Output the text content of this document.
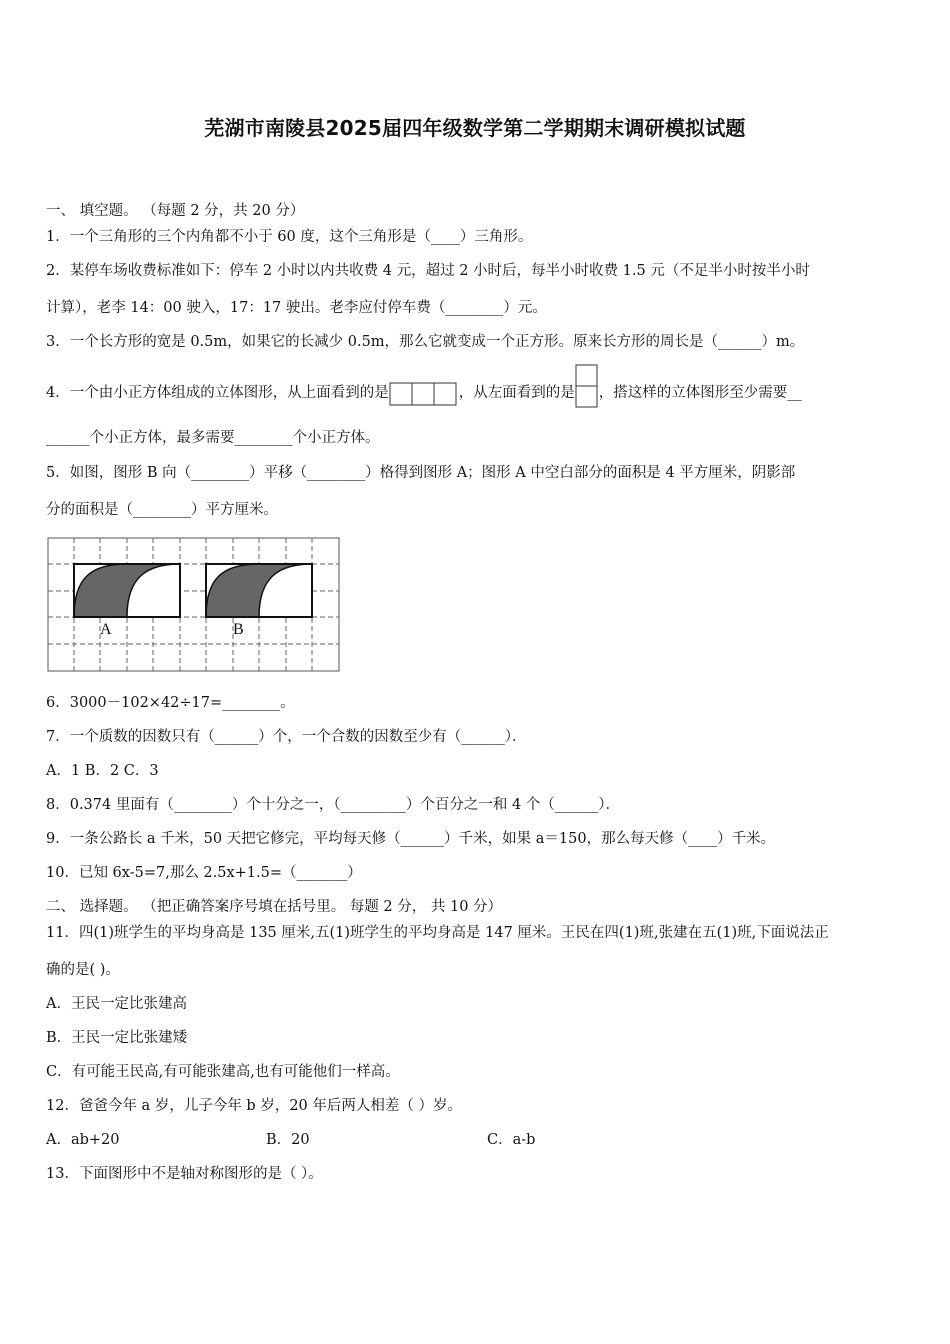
芜湖市南陵县2025届四年级数学第二学期期末调研模拟试题
一、 填空题。 （每题 2 分，共 20 分）
1．一个三角形的三个内角都不小于 60 度，这个三角形是（____）三角形。
2．某停车场收费标准如下：停车 2 小时以内共收费 4 元，超过 2 小时后，每半小时收费 1.5 元（不足半小时按半小时
计算），老李 14：00 驶入，17：17 驶出。老李应付停车费（________）元。
3．一个长方形的宽是 0.5m，如果它的长减少 0.5m，那么它就变成一个正方形。原来长方形的周长是（______）m。
4．一个由小正方体组成的立体图形，从上面看到的是	，从左面看到的是 ，搭这样的立体图形至少需要__
______个小正方体，最多需要________个小正方体。
5．如图，图形 B 向（________）平移（________）格得到图形 A；图形 A 中空白部分的面积是 4 平方厘米，阴影部
分的面积是（________）平方厘米。
A	B
6．3000－102×42÷17=________。
7．一个质数的因数只有（______）个，一个合数的因数至少有（______）．
A．1 B．2 C．3
8．0.374 里面有（________）个十分之一，（_________）个百分之一和 4 个（______）．
9．一条公路长 a 千米，50 天把它修完，平均每天修（______）千米，如果 a＝150，那么每天修（____）千米。
10．已知 6x-5=7,那么 2.5x+1.5=（_______）
二、 选择题。 （把正确答案序号填在括号里。 每题 2 分， 共 10 分）
11．四(1)班学生的平均身高是 135 厘米,五(1)班学生的平均身高是 147 厘米。王民在四(1)班,张建在五(1)班,下面说法正
确的是( )。
A．王民一定比张建高
B．王民一定比张建矮
C．有可能王民高,有可能张建高,也有可能他们一样高。
12．爸爸今年 a 岁，儿子今年 b 岁，20 年后两人相差（ ）岁。
A．ab+20	B．20	C．a-b
13．下面图形中不是轴对称图形的是（ ）。
